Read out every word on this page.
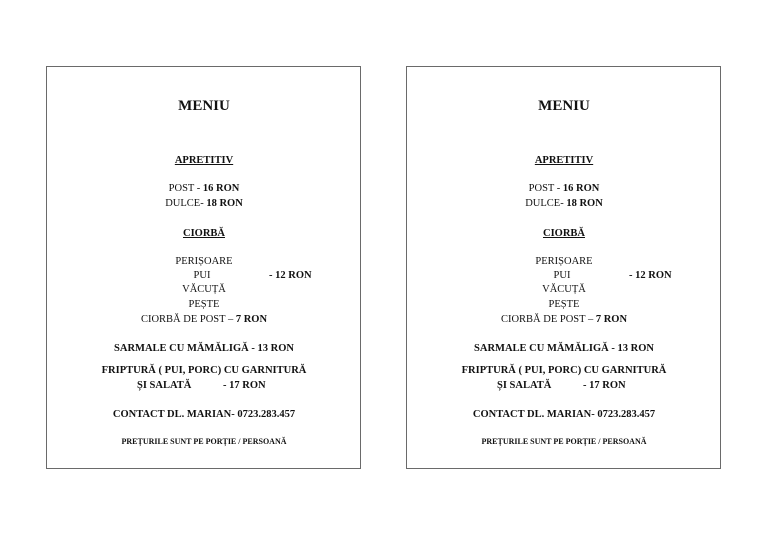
MENIU
APRETITIV
POST - 16 RON
DULCE- 18 RON
CIORBĂ
PERIȘOARE
PUI	- 12 RON
VĂCUȚĂ
PEȘTE
CIORBĂ DE POST – 7 RON
SARMALE CU MĂMĂLIGĂ - 13 RON
FRIPTURĂ ( PUI, PORC) CU GARNITURĂ
ȘI SALATĂ	- 17 RON
CONTACT DL. MARIAN- 0723.283.457
PREȚURILE SUNT PE PORȚIE / PERSOANĂ
MENIU
APRETITIV
POST - 16 RON
DULCE- 18 RON
CIORBĂ
PERIȘOARE
PUI	- 12 RON
VĂCUȚĂ
PEȘTE
CIORBĂ DE POST – 7 RON
SARMALE CU MĂMĂLIGĂ - 13 RON
FRIPTURĂ ( PUI, PORC) CU GARNITURĂ
ȘI SALATĂ	- 17 RON
CONTACT DL. MARIAN- 0723.283.457
PREȚURILE SUNT PE PORȚIE / PERSOANĂ
